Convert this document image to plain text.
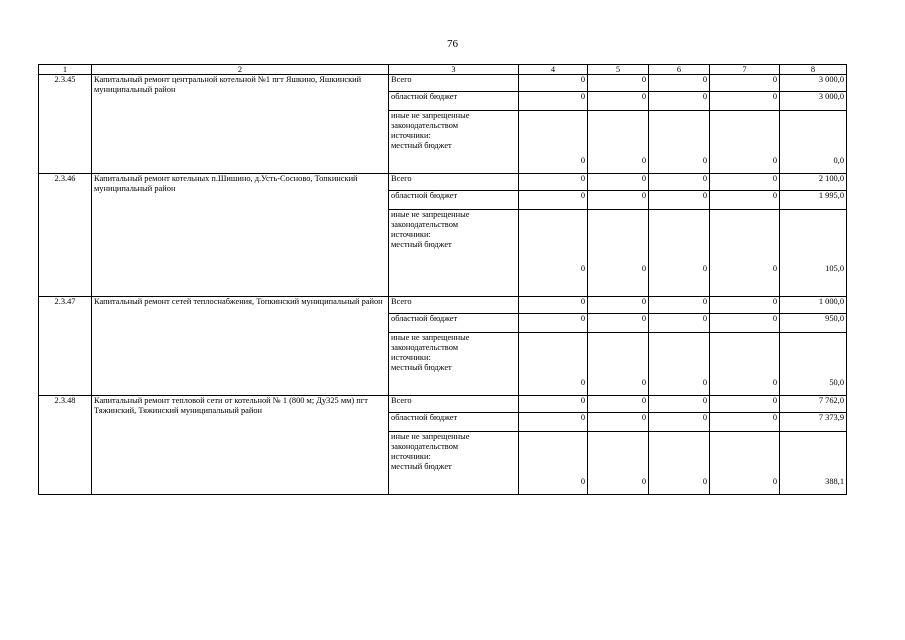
76
1	2	3	4	5	6	7	8
2.3.45	Капитальный ремонт центральной котельной №1 пгт Яшкино, Яшкинский муниципальный район	Всего	0	0	0	0	3 000,0
		областной бюджет	0	0	0	0	3 000,0

		иные не запрещенные
законодательством
источники:
местный бюджет	0	0	0	0	0,0
2.3.46	Капитальный ремонт котельных п.Шишино, д.Усть-Сосново, Топкинский муниципальный район	Всего	0	0	0	0	2 100,0
		областной бюджет	0	0	0	0	1 995,0

		иные не запрещенные
законодательством
источники:
местный бюджет	0	0	0	0	105,0
2.3.47	Капитальный ремонт сетей теплоснабжения, Топкинский муниципальный район	Всего	0	0	0	0	1 000,0
		областной бюджет	0	0	0	0	950,0

		иные не запрещенные
законодательством
источники:
местный бюджет	0	0	0	0	50,0
2.3.48	Капитальный ремонт тепловой сети от котельной № 1 (800 м; Ду325 мм) пгт Тяжинский, Тяжинский муниципальный район	Всего	0	0	0	0	7 762,0
		областной бюджет	0	0	0	0	7 373,9

		иные не запрещенные
законодательством
источники:
местный бюджет	0	0	0	0	388,1
